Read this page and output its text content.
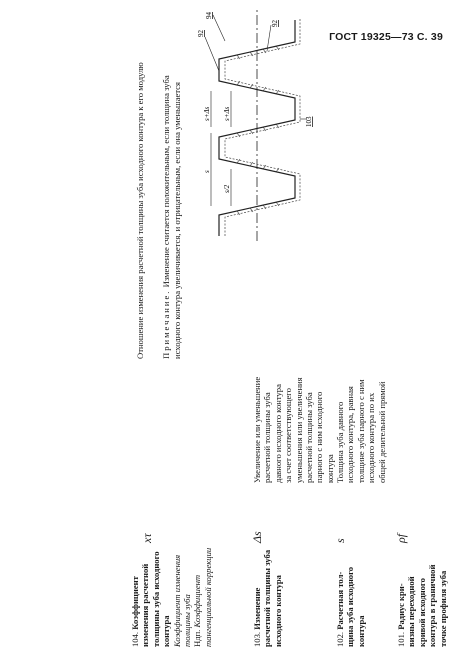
ГОСТ 19325—73 С. 39
101. Радиус кри-
визны переходной кривой исходного контура в граничной точке профиля зуба
ρf
102. Расчетная тол-
щина зуба исходного контура
s
Толщина зуба давного исходного контура, равная толщине зуба парного с ним исходного контура по их общей делительной прямой
103. Изменение
расчетной толщины зуба исходного контура
Δs
Увеличение или уменьшение расчетной толщины зуба давного исходного контура за счет соответствующего уменьшения или увеличения расчетной толщины зуба парного с ним исходного контура
104. Коэффициент
изменения расчетной толщины зуба исходного контура
Коэффициент изменения толщины зуба
Ндп. Коэффициент тангенциальной коррекции
xτ
Примечание. Изменение считается положительным, если толщина зуба исходного контура увеличивается, и отрицательным, если она уменьшается
Отношение изменения расчетной толщины зуба исходного контура к его модулю	s
s/2
s+Δs s+Δs
92
92
94
103
